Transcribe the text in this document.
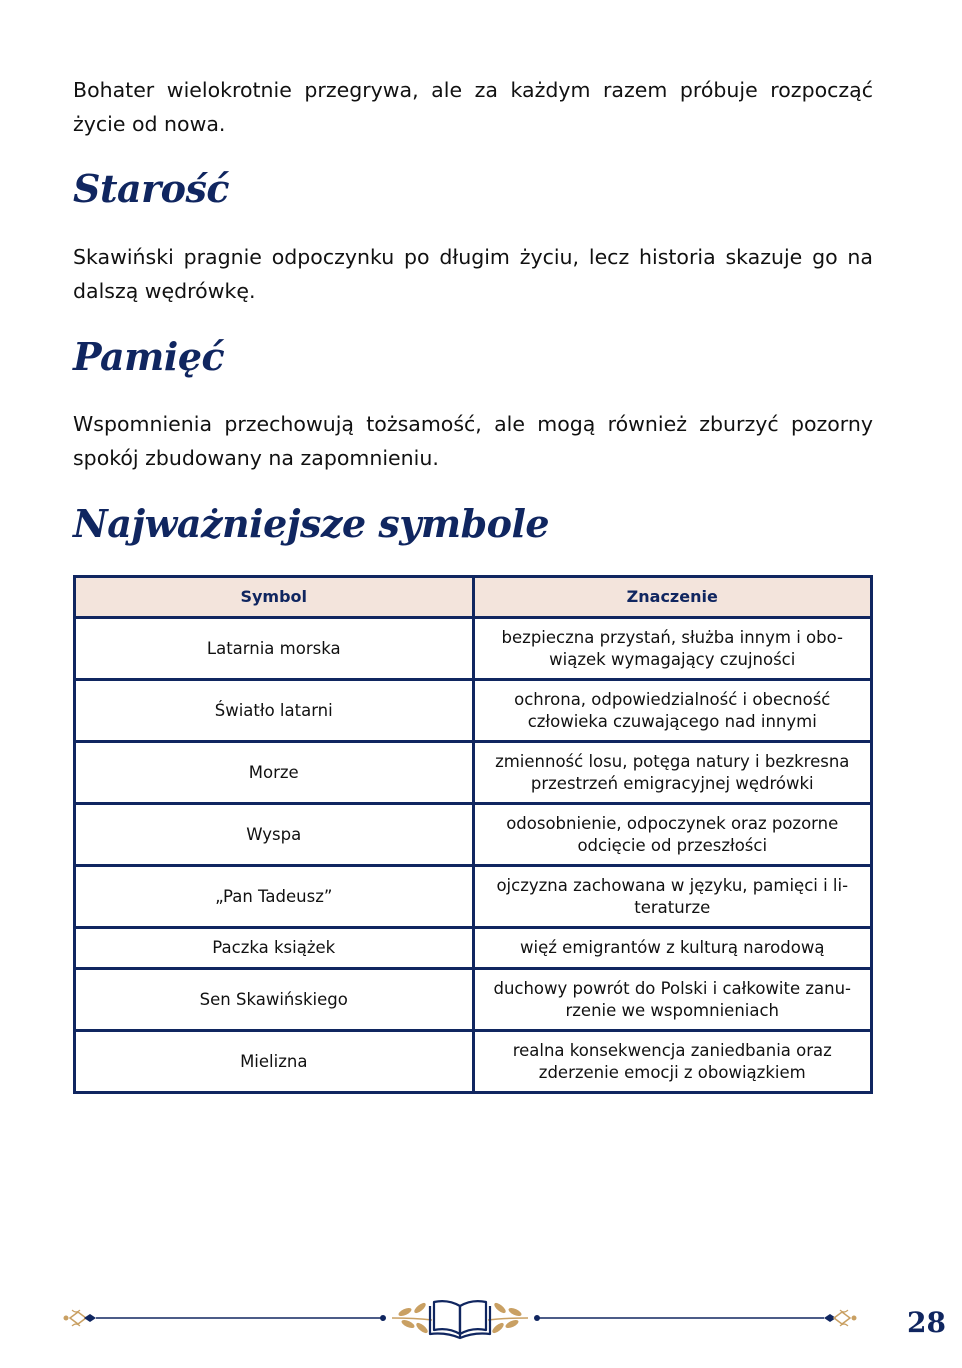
Bohater wielokrotnie przegrywa, ale za każdym razem próbuje rozpocząć życie od nowa.

Starość

Skawiński pragnie odpoczynku po długim życiu, lecz historia skazuje go na dalszą wędrówkę.

Pamięć

Wspomnienia przechowują tożsamość, ale mogą również zburzyć pozorny spokój zbudowany na zapomnieniu.

Najważniejsze symbole
Symbol	Znaczenie
Latarnia morska	bezpieczna przystań, służba innym i obo-wiązek wymagający czujności
Światło latarni	ochrona, odpowiedzialność i obecność człowieka czuwającego nad innymi
Morze	zmienność losu, potęga natury i bezkresna przestrzeń emigracyjnej wędrówki
Wyspa	odosobnienie, odpoczynek oraz pozorne odcięcie od przeszłości
„Pan Tadeusz”	ojczyzna zachowana w języku, pamięci i li-teraturze
Paczka książek	więź emigrantów z kulturą narodową
Sen Skawińskiego	duchowy powrót do Polski i całkowite zanu-rzenie we wspomnieniach
Mielizna	realna konsekwencja zaniedbania oraz zderzenie emocji z obowiązkiem
28
